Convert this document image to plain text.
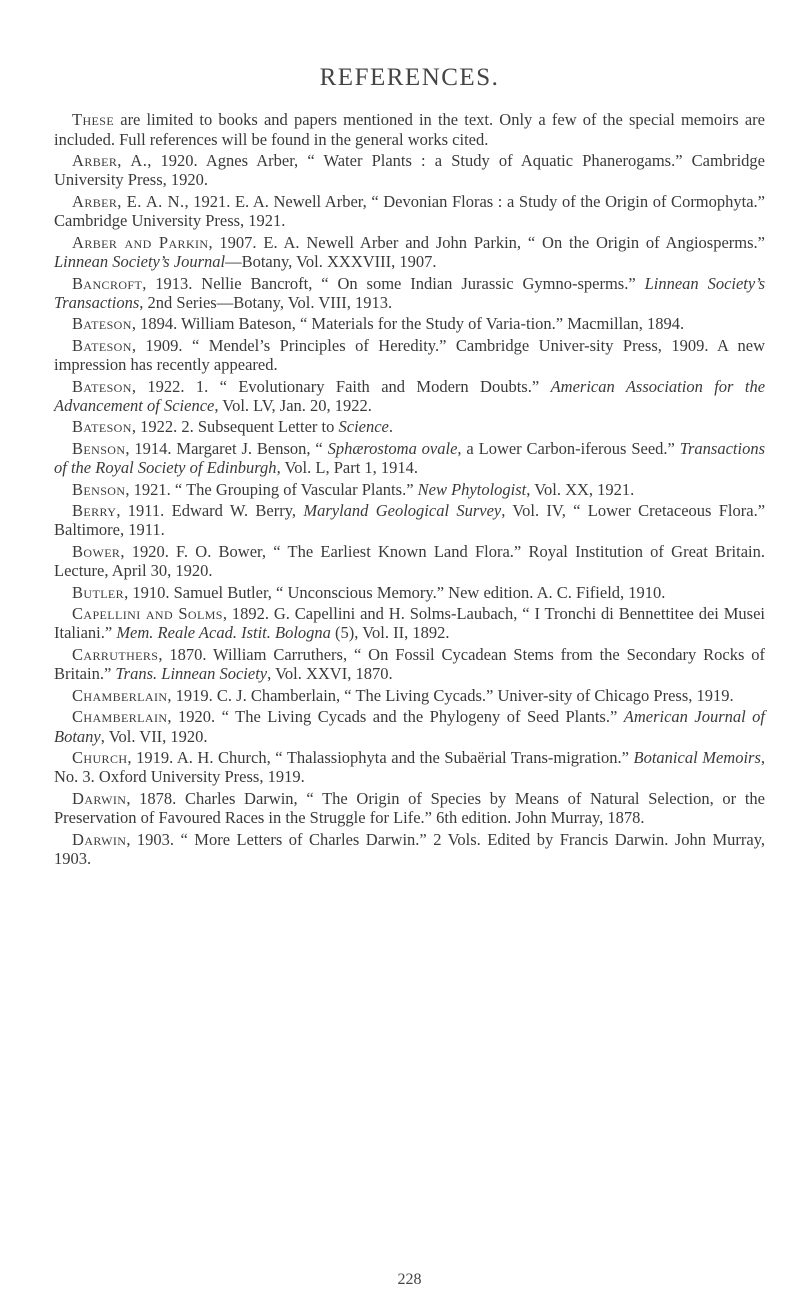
REFERENCES.

These are limited to books and papers mentioned in the text. Only a few of the special memoirs are included. Full references will be found in the general works cited.

Arber, A., 1920. Agnes Arber, “ Water Plants : a Study of Aquatic Phanerogams.” Cambridge University Press, 1920.

Arber, E. A. N., 1921. E. A. Newell Arber, “ Devonian Floras : a Study of the Origin of Cormophyta.” Cambridge University Press, 1921.

Arber and Parkin, 1907. E. A. Newell Arber and John Parkin, “ On the Origin of Angiosperms.” Linnean Society’s Journal—Botany, Vol. XXXVIII, 1907.

Bancroft, 1913. Nellie Bancroft, “ On some Indian Jurassic Gymno-sperms.” Linnean Society’s Transactions, 2nd Series—Botany, Vol. VIII, 1913.

Bateson, 1894. William Bateson, “ Materials for the Study of Varia-tion.” Macmillan, 1894.

Bateson, 1909. “ Mendel’s Principles of Heredity.” Cambridge Univer-sity Press, 1909. A new impression has recently appeared.

Bateson, 1922. 1. “ Evolutionary Faith and Modern Doubts.” American Association for the Advancement of Science, Vol. LV, Jan. 20, 1922.

Bateson, 1922. 2. Subsequent Letter to Science.

Benson, 1914. Margaret J. Benson, “ Sphærostoma ovale, a Lower Carbon-iferous Seed.” Transactions of the Royal Society of Edinburgh, Vol. L, Part 1, 1914.

Benson, 1921. “ The Grouping of Vascular Plants.” New Phytologist, Vol. XX, 1921.

Berry, 1911. Edward W. Berry, Maryland Geological Survey, Vol. IV, “ Lower Cretaceous Flora.” Baltimore, 1911.

Bower, 1920. F. O. Bower, “ The Earliest Known Land Flora.” Royal Institution of Great Britain. Lecture, April 30, 1920.

Butler, 1910. Samuel Butler, “ Unconscious Memory.” New edition. A. C. Fifield, 1910.

Capellini and Solms, 1892. G. Capellini and H. Solms-Laubach, “ I Tronchi di Bennettitee dei Musei Italiani.” Mem. Reale Acad. Istit. Bologna (5), Vol. II, 1892.

Carruthers, 1870. William Carruthers, “ On Fossil Cycadean Stems from the Secondary Rocks of Britain.” Trans. Linnean Society, Vol. XXVI, 1870.

Chamberlain, 1919. C. J. Chamberlain, “ The Living Cycads.” Univer-sity of Chicago Press, 1919.

Chamberlain, 1920. “ The Living Cycads and the Phylogeny of Seed Plants.” American Journal of Botany, Vol. VII, 1920.

Church, 1919. A. H. Church, “ Thalassiophyta and the Subaërial Trans-migration.” Botanical Memoirs, No. 3. Oxford University Press, 1919.

Darwin, 1878. Charles Darwin, “ The Origin of Species by Means of Natural Selection, or the Preservation of Favoured Races in the Struggle for Life.” 6th edition. John Murray, 1878.

Darwin, 1903. “ More Letters of Charles Darwin.” 2 Vols. Edited by Francis Darwin. John Murray, 1903.

228
